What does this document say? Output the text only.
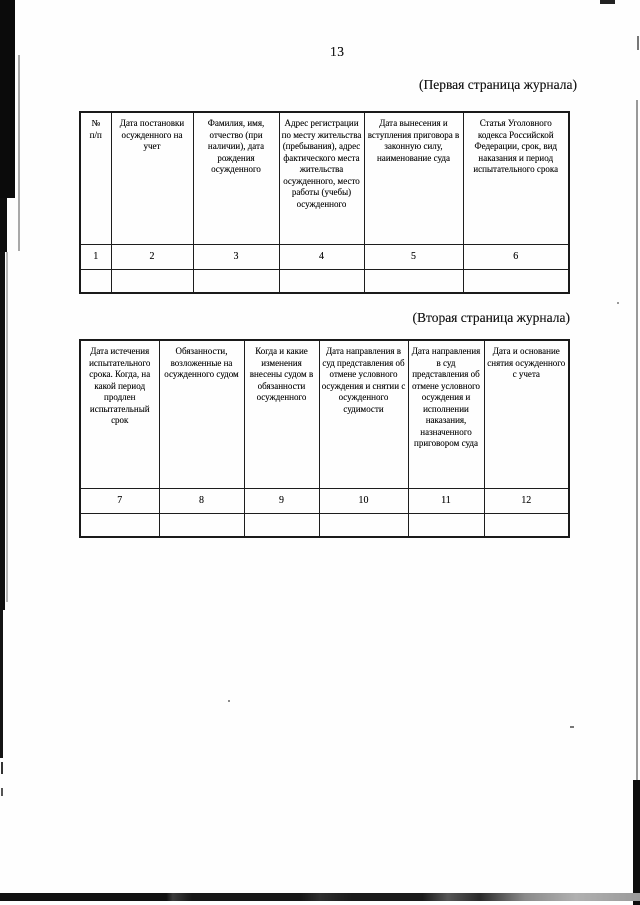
13
(Первая страница журнала)
№ п/п	Дата постановки осужденного на учет	Фамилия, имя, отчество (при наличии), дата рождения осужденного	Адрес регистрации по месту жительства (пребывания), адрес фактического места жительства осужденного, место работы (учебы) осужденного	Дата вынесения и вступления приговора в законную силу, наименование суда	Статья Уголовного кодекса Российской Федерации, срок, вид наказания и период испытательного срока
1	2	3	4	5	6

(Вторая страница журнала)
Дата истечения испытательного срока. Когда, на какой период продлен испытательный срок	Обязанности, возложенные на осужденного судом	Когда и какие изменения внесены судом в обязанности осужденного	Дата направления в суд представления об отмене условного осуждения и снятии с осужденного судимости	Дата направления в суд представления об отмене условного осуждения и исполнении наказания, назначенного приговором суда	Дата и основание снятия осужденного с учета
7	8	9	10	11	12
